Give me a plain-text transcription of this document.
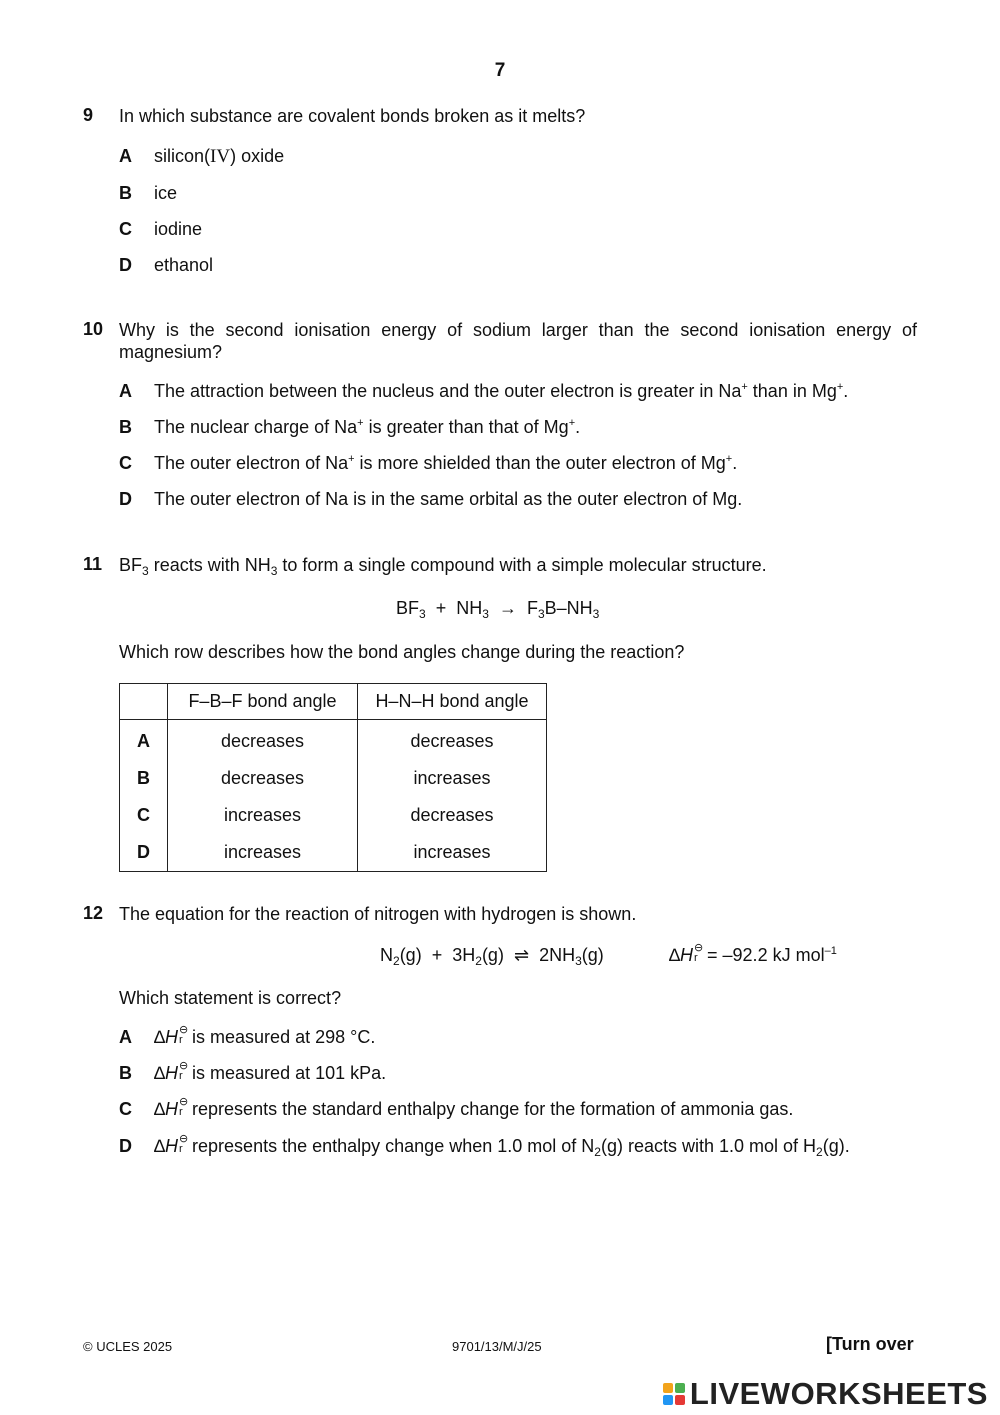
7
9 In which substance are covalent bonds broken as it melts?
A silicon(IV) oxide
B ice
C iodine
D ethanol
10 Why is the second ionisation energy of sodium larger than the second ionisation energy of
magnesium?
A The attraction between the nucleus and the outer electron is greater in Na+ than in Mg+.
B The nuclear charge of Na+ is greater than that of Mg+.
C The outer electron of Na+ is more shielded than the outer electron of Mg+.
D The outer electron of Na is in the same orbital as the outer electron of Mg.
11 $BF_3$ reacts with $NH_3$ to form a single compound with a simple molecular structure.
$BF_3 + NH_3 \to F_3B-NH_3$
Which row describes how the bond angles change during the reaction?
	F–B–F bond angle	H–N–H bond angle
A	decreases	decreases
B	decreases	increases
C	increases	decreases
D	increases	increases
12 The equation for the reaction of nitrogen with hydrogen is shown.
$N_2(g) + 3H_2(g)$ ⇌ $2NH_3(g)$	∆H ⊖
r = –92.2 kJ mol$^{-1}$
Which statement is correct?
A ∆H ⊖
r is measured at 298 °C.
B ∆H ⊖
r is measured at 101 kPa.
C ∆H ⊖
r represents the standard enthalpy change for the formation of ammonia gas.
D ∆H ⊖
r represents the enthalpy change when 1.0 mol of $N_2(g)$ reacts with 1.0 mol of $H_2(g)$.
© UCLES 2025	9701/13/M/J/25	[Turn over
LIVEWORKSHEETS
